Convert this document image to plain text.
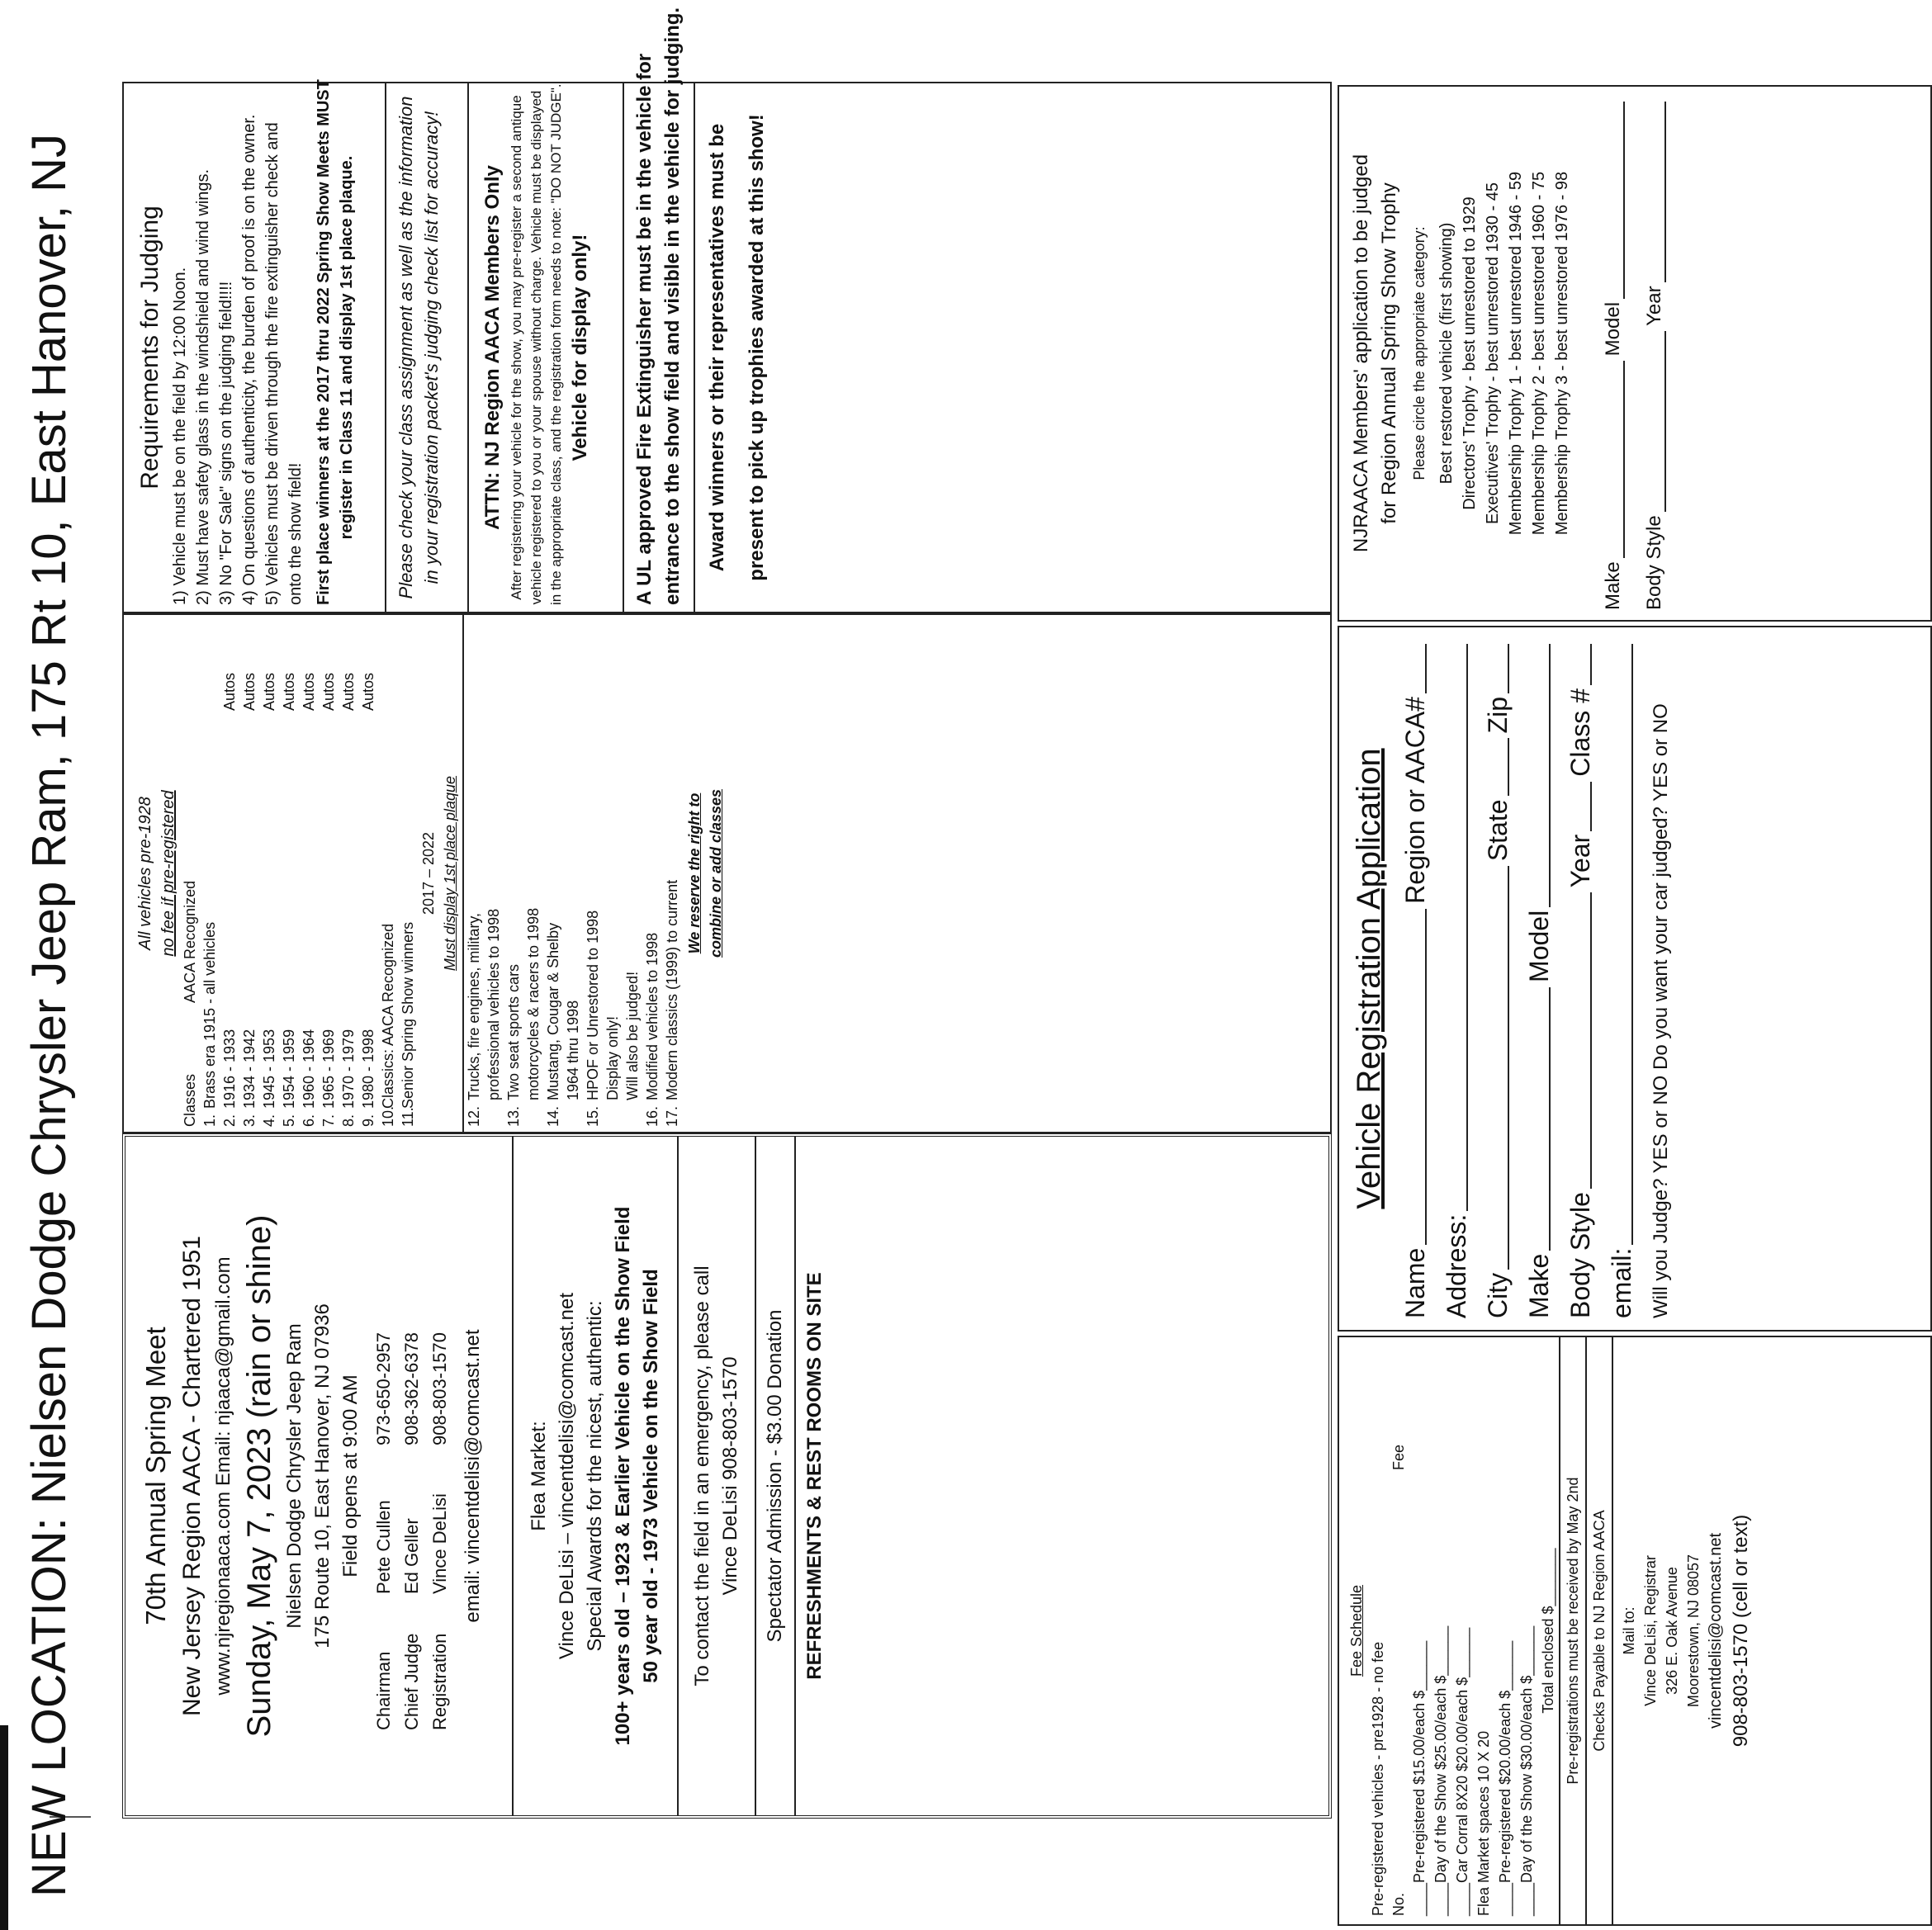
NEW LOCATION: Nielsen Dodge Chrysler Jeep Ram, 175 Rt 10, East Hanover, NJ 70th Annual Spring Meet New Jersey Region AACA - Chartered 1951 www.njregionaaca.com Email: njaaca@gmail.com Sunday, May 7, 2023 (rain or shine) Nielsen Dodge Chrysler Jeep Ram 175 Route 10, East Hanover, NJ 07936 Field opens at 9:00 AM
Chairman
Pete Cullen
973-650-2957
Chief Judge
Ed Geller
908-362-6378
Registration
Vince DeLisi
908-803-1570 email: vincentdelisi@comcast.net Flea Market: Vince DeLisi – vincentdelisi@comcast.net Special Awards for the nicest, authentic: 100+ years old – 1923 & Earlier Vehicle on the Show Field 50 year old - 1973 Vehicle on the Show Field To contact the field in an emergency, please call Vince DeLisi 908-803-1570 Spectator Admission - $3.00 Donation REFRESHMENTS & REST ROOMS ON SITE
All vehicles pre-1928 no fee if pre-registered
Classes
AACA Recognized
1.
Brass era 1915 - all vehicles
2.
1916 - 1933
Autos
3.
1934 - 1942
Autos
4.
1945 - 1953
Autos
5.
1954 - 1959
Autos
6.
1960 - 1964
Autos
7.
1965 - 1969
Autos
8.
1970 - 1979
Autos
9.
1980 - 1998
Autos
10.
Classics: AACA Recognized
11.
Senior Spring Show winners
2017 – 2022 Must display 1st place plaque
12.
Trucks, fire engines, military, professional vehicles to 1998
13.
Two seat sports cars motorcycles & racers to 1998
14.
Mustang, Cougar & Shelby 1964 thru 1998
15.
HPOF or Unrestored to 1998 Display only! Will also be judged!
16.
Modified vehicles to 1998
17.
Modern classics (1999) to current
We reserve the right to combine or add classes
Requirements for Judging 1) Vehicle must be on the field by 12:00 Noon. 2) Must have safety glass in the windshield and wind wings. 3) No "For Sale" signs on the judging field!!!! 4) On questions of authenticity, the burden of proof is on the owner. 5) Vehicles must be driven through the fire extinguisher check and onto the show field! First place winners at the 2017 thru 2022 Spring Show Meets MUST register in Class 11 and display 1st place plaque. Please check your class assignment as well as the information in your registration packet's judging check list for accuracy! ATTN: NJ Region AACA Members Only After registering your vehicle for the show, you may pre-register a second antique vehicle registered to you or your spouse without charge. Vehicle must be displayed in the appropriate class, and the registration form needs to note: "DO NOT JUDGE". Vehicle for display only! A UL approved Fire Extinguisher must be in the vehicle for entrance to the show field and visible in the vehicle for judging. Award winners or their representatives must be present to pick up trophies awarded at this show!
Fee Schedule
Pre-registered vehicles - pre1928 - no fee No.
Fee
____Pre-registered $15.00/each $______ ____Day of the Show $25.00/each $______ ____Car Corral 8X20 $20.00/each $______ Flea Market spaces 10 X 20 ____Pre-registered $20.00/each $______ ____Day of the Show $30.00/each $______ Total enclosed $_______ Pre-registrations must be received by May 2nd Checks Payable to NJ Region AACA Mail to: Vince DeLisi, Registrar 326 E. Oak Avenue Moorestown, NJ 08057 vincentdelisi@comcast.net 908-803-1570 (cell or text)
Vehicle Registration Application
Name
Region or AACA#
Address: City
State
Zip
Make
Model
Body Style
Year
Class #
email: Will you Judge? YES or NO Do you want your car judged? YES or NO
NJRAACA Members' application to be judged for Region Annual Spring Show Trophy Please circle the appropriate category: Best restored vehicle (first showing) Directors' Trophy - best unrestored to 1929 Executives' Trophy - best unrestored 1930 - 45 Membership Trophy 1 - best unrestored 1946 - 59 Membership Trophy 2 - best unrestored 1960 - 75 Membership Trophy 3 - best unrestored 1976 - 98
Make
Model
Body Style
Year
